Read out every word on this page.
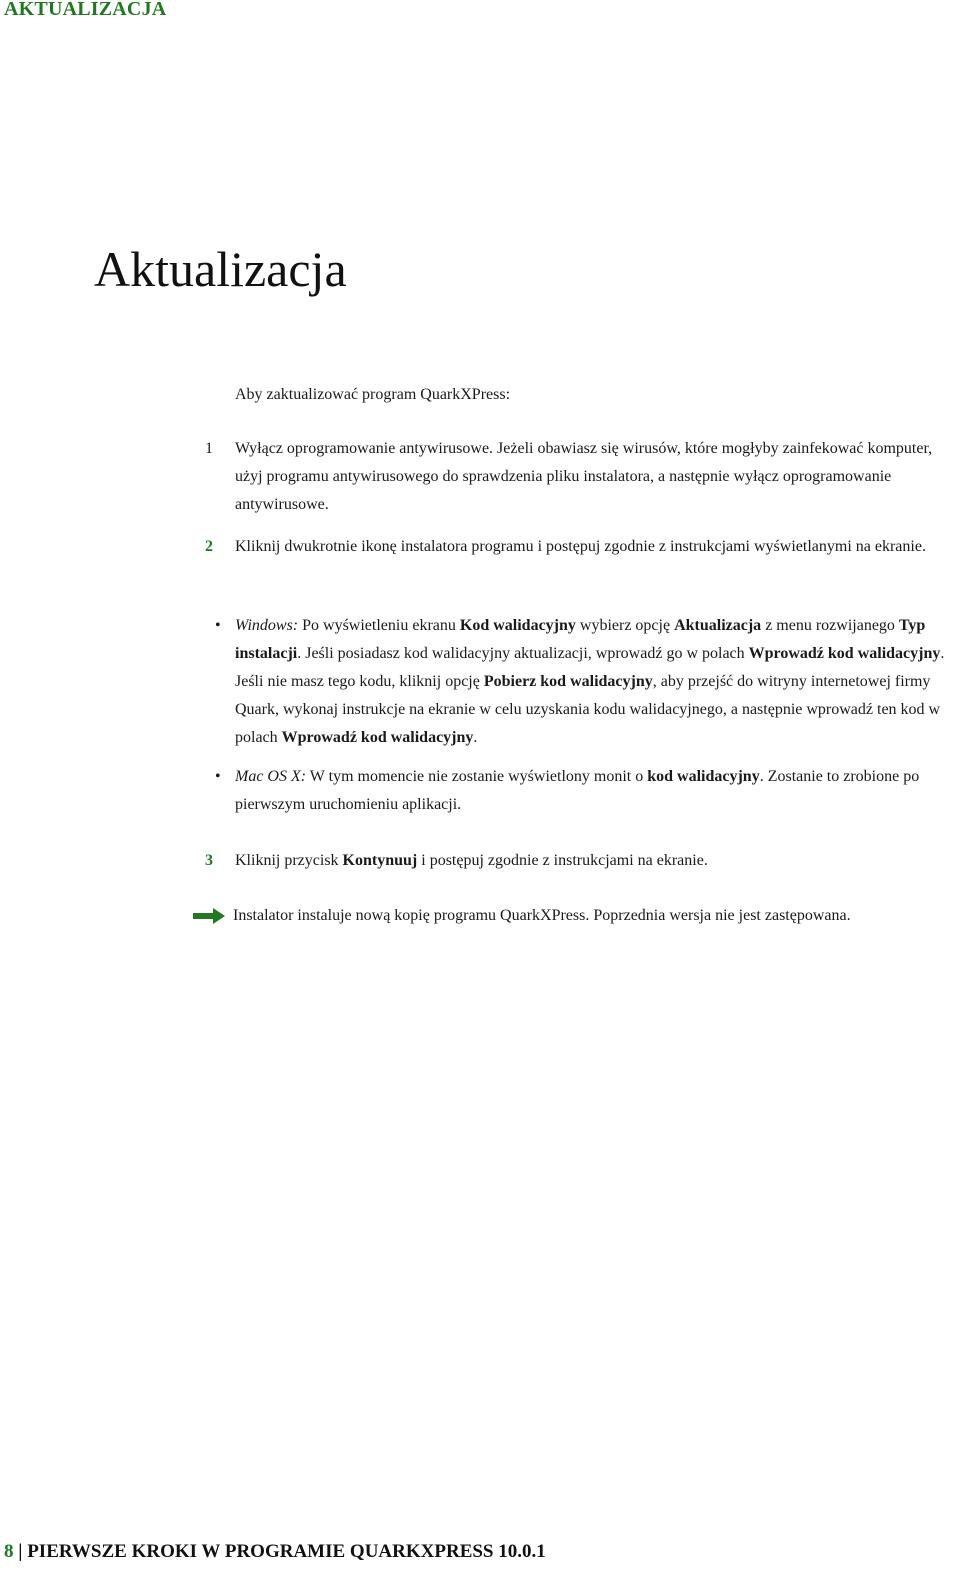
AKTUALIZACJA
Aktualizacja

Aby zaktualizować program QuarkXPress:

1	Wyłącz oprogramowanie antywirusowe. Jeżeli obawiasz się wirusów, które mogłyby zainfekować komputer, użyj programu antywirusowego do sprawdzenia pliku instalatora, a następnie wyłącz oprogramowanie antywirusowe.
2	Kliknij dwukrotnie ikonę instalatora programu i postępuj zgodnie z instrukcjami wyświetlanymi na ekranie.
• Windows: Po wyświetleniu ekranu Kod walidacyjny wybierz opcję Aktualizacja z menu rozwijanego Typ instalacji. Jeśli posiadasz kod walidacyjny aktualizacji, wprowadź go w polach Wprowadź kod walidacyjny. Jeśli nie masz tego kodu, kliknij opcję Pobierz kod walidacyjny, aby przejść do witryny internetowej firmy Quark, wykonaj instrukcje na ekranie w celu uzyskania kodu walidacyjnego, a następnie wprowadź ten kod w polach Wprowadź kod walidacyjny.
• Mac OS X: W tym momencie nie zostanie wyświetlony monit o kod walidacyjny. Zostanie to zrobione po pierwszym uruchomieniu aplikacji.
3	Kliknij przycisk Kontynuuj i postępuj zgodnie z instrukcjami na ekranie.
Instalator instaluje nową kopię programu QuarkXPress. Poprzednia wersja nie jest zastępowana.
8 | PIERWSZE KROKI W PROGRAMIE QUARKXPRESS 10.0.1
